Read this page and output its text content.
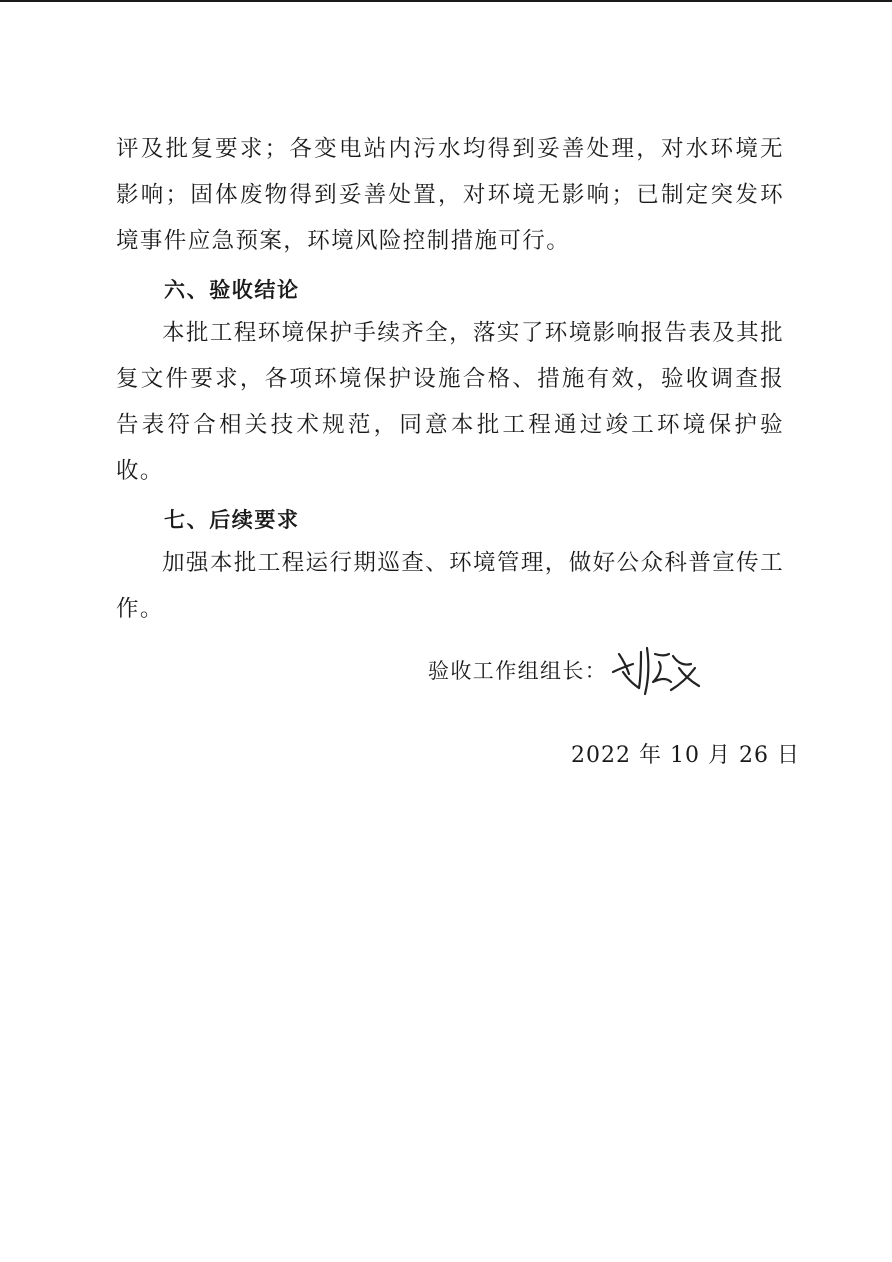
评及批复要求；各变电站内污水均得到妥善处理，对水环境无影响；固体废物得到妥善处置，对环境无影响；已制定突发环境事件应急预案，环境风险控制措施可行。

六、验收结论

本批工程环境保护手续齐全，落实了环境影响报告表及其批复文件要求，各项环境保护设施合格、措施有效，验收调查报告表符合相关技术规范，同意本批工程通过竣工环境保护验收。

七、后续要求

加强本批工程运行期巡查、环境管理，做好公众科普宣传工作。

验收工作组组长：
2022 年 10 月 26 日
